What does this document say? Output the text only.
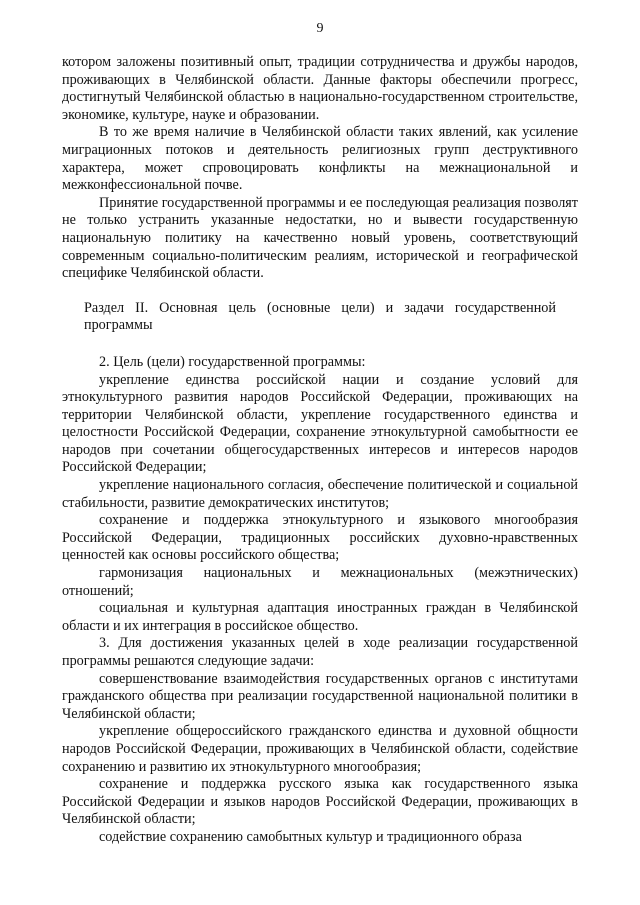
9

котором заложены позитивный опыт, традиции сотрудничества и дружбы народов, проживающих в Челябинской области. Данные факторы обеспечили прогресс, достигнутый Челябинской областью в национально-государственном строительстве, экономике, культуре, науке и образовании.

В то же время наличие в Челябинской области таких явлений, как усиление миграционных потоков и деятельность религиозных групп деструктивного характера, может спровоцировать конфликты на межнациональной и межконфессиональной почве.

Принятие государственной программы и ее последующая реализация позволят не только устранить указанные недостатки, но и вывести государственную национальную политику на качественно новый уровень, соответствующий современным социально-политическим реалиям, исторической и географической специфике Челябинской области.

Раздел II. Основная цель (основные цели) и задачи государственной программы

2. Цель (цели) государственной программы:

укрепление единства российской нации и создание условий для этнокультурного развития народов Российской Федерации, проживающих на территории Челябинской области, укрепление государственного единства и целостности Российской Федерации, сохранение этнокультурной самобытности ее народов при сочетании общегосударственных интересов и интересов народов Российской Федерации;

укрепление национального согласия, обеспечение политической и социальной стабильности, развитие демократических институтов;

сохранение и поддержка этнокультурного и языкового многообразия Российской Федерации, традиционных российских духовно-нравственных ценностей как основы российского общества;

гармонизация национальных и межнациональных (межэтнических) отношений;

социальная и культурная адаптация иностранных граждан в Челябинской области и их интеграция в российское общество.

3. Для достижения указанных целей в ходе реализации государственной программы решаются следующие задачи:

совершенствование взаимодействия государственных органов с институтами гражданского общества при реализации государственной национальной политики в Челябинской области;

укрепление общероссийского гражданского единства и духовной общности народов Российской Федерации, проживающих в Челябинской области, содействие сохранению и развитию их этнокультурного многообразия;

сохранение и поддержка русского языка как государственного языка Российской Федерации и языков народов Российской Федерации, проживающих в Челябинской области;

содействие сохранению самобытных культур и традиционного образа
